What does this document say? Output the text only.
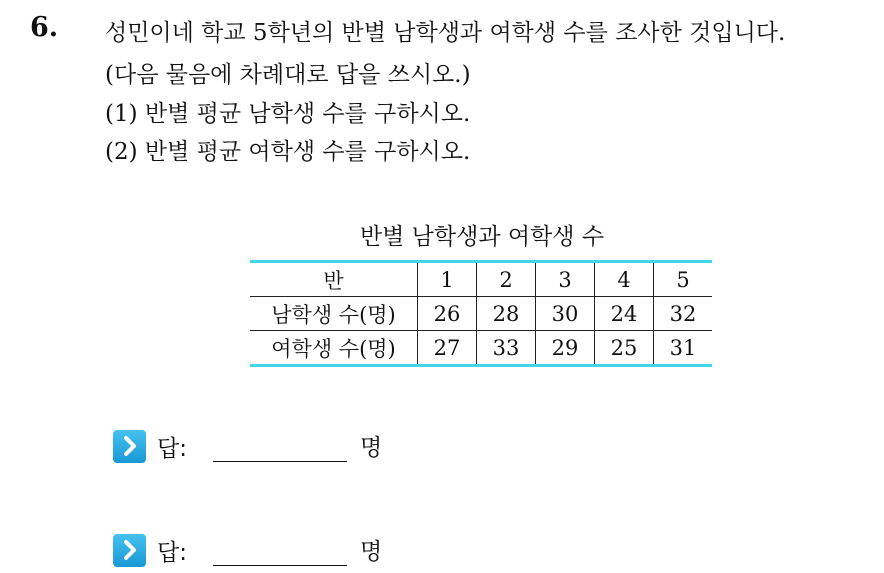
6. 성민이네 학교 5학년의 반별 남학생과 여학생 수를 조사한 것입니다.
(다음 물음에 차례대로 답을 쓰시오.)
(1) 반별 평균 남학생 수를 구하시오.
(2) 반별 평균 여학생 수를 구하시오.
반별 남학생과 여학생 수
반	1	2	3	4	5
남학생 수(명)	26	28	30	24	32
여학생 수(명)	27	33	29	25	31
답:	명
답:	명
